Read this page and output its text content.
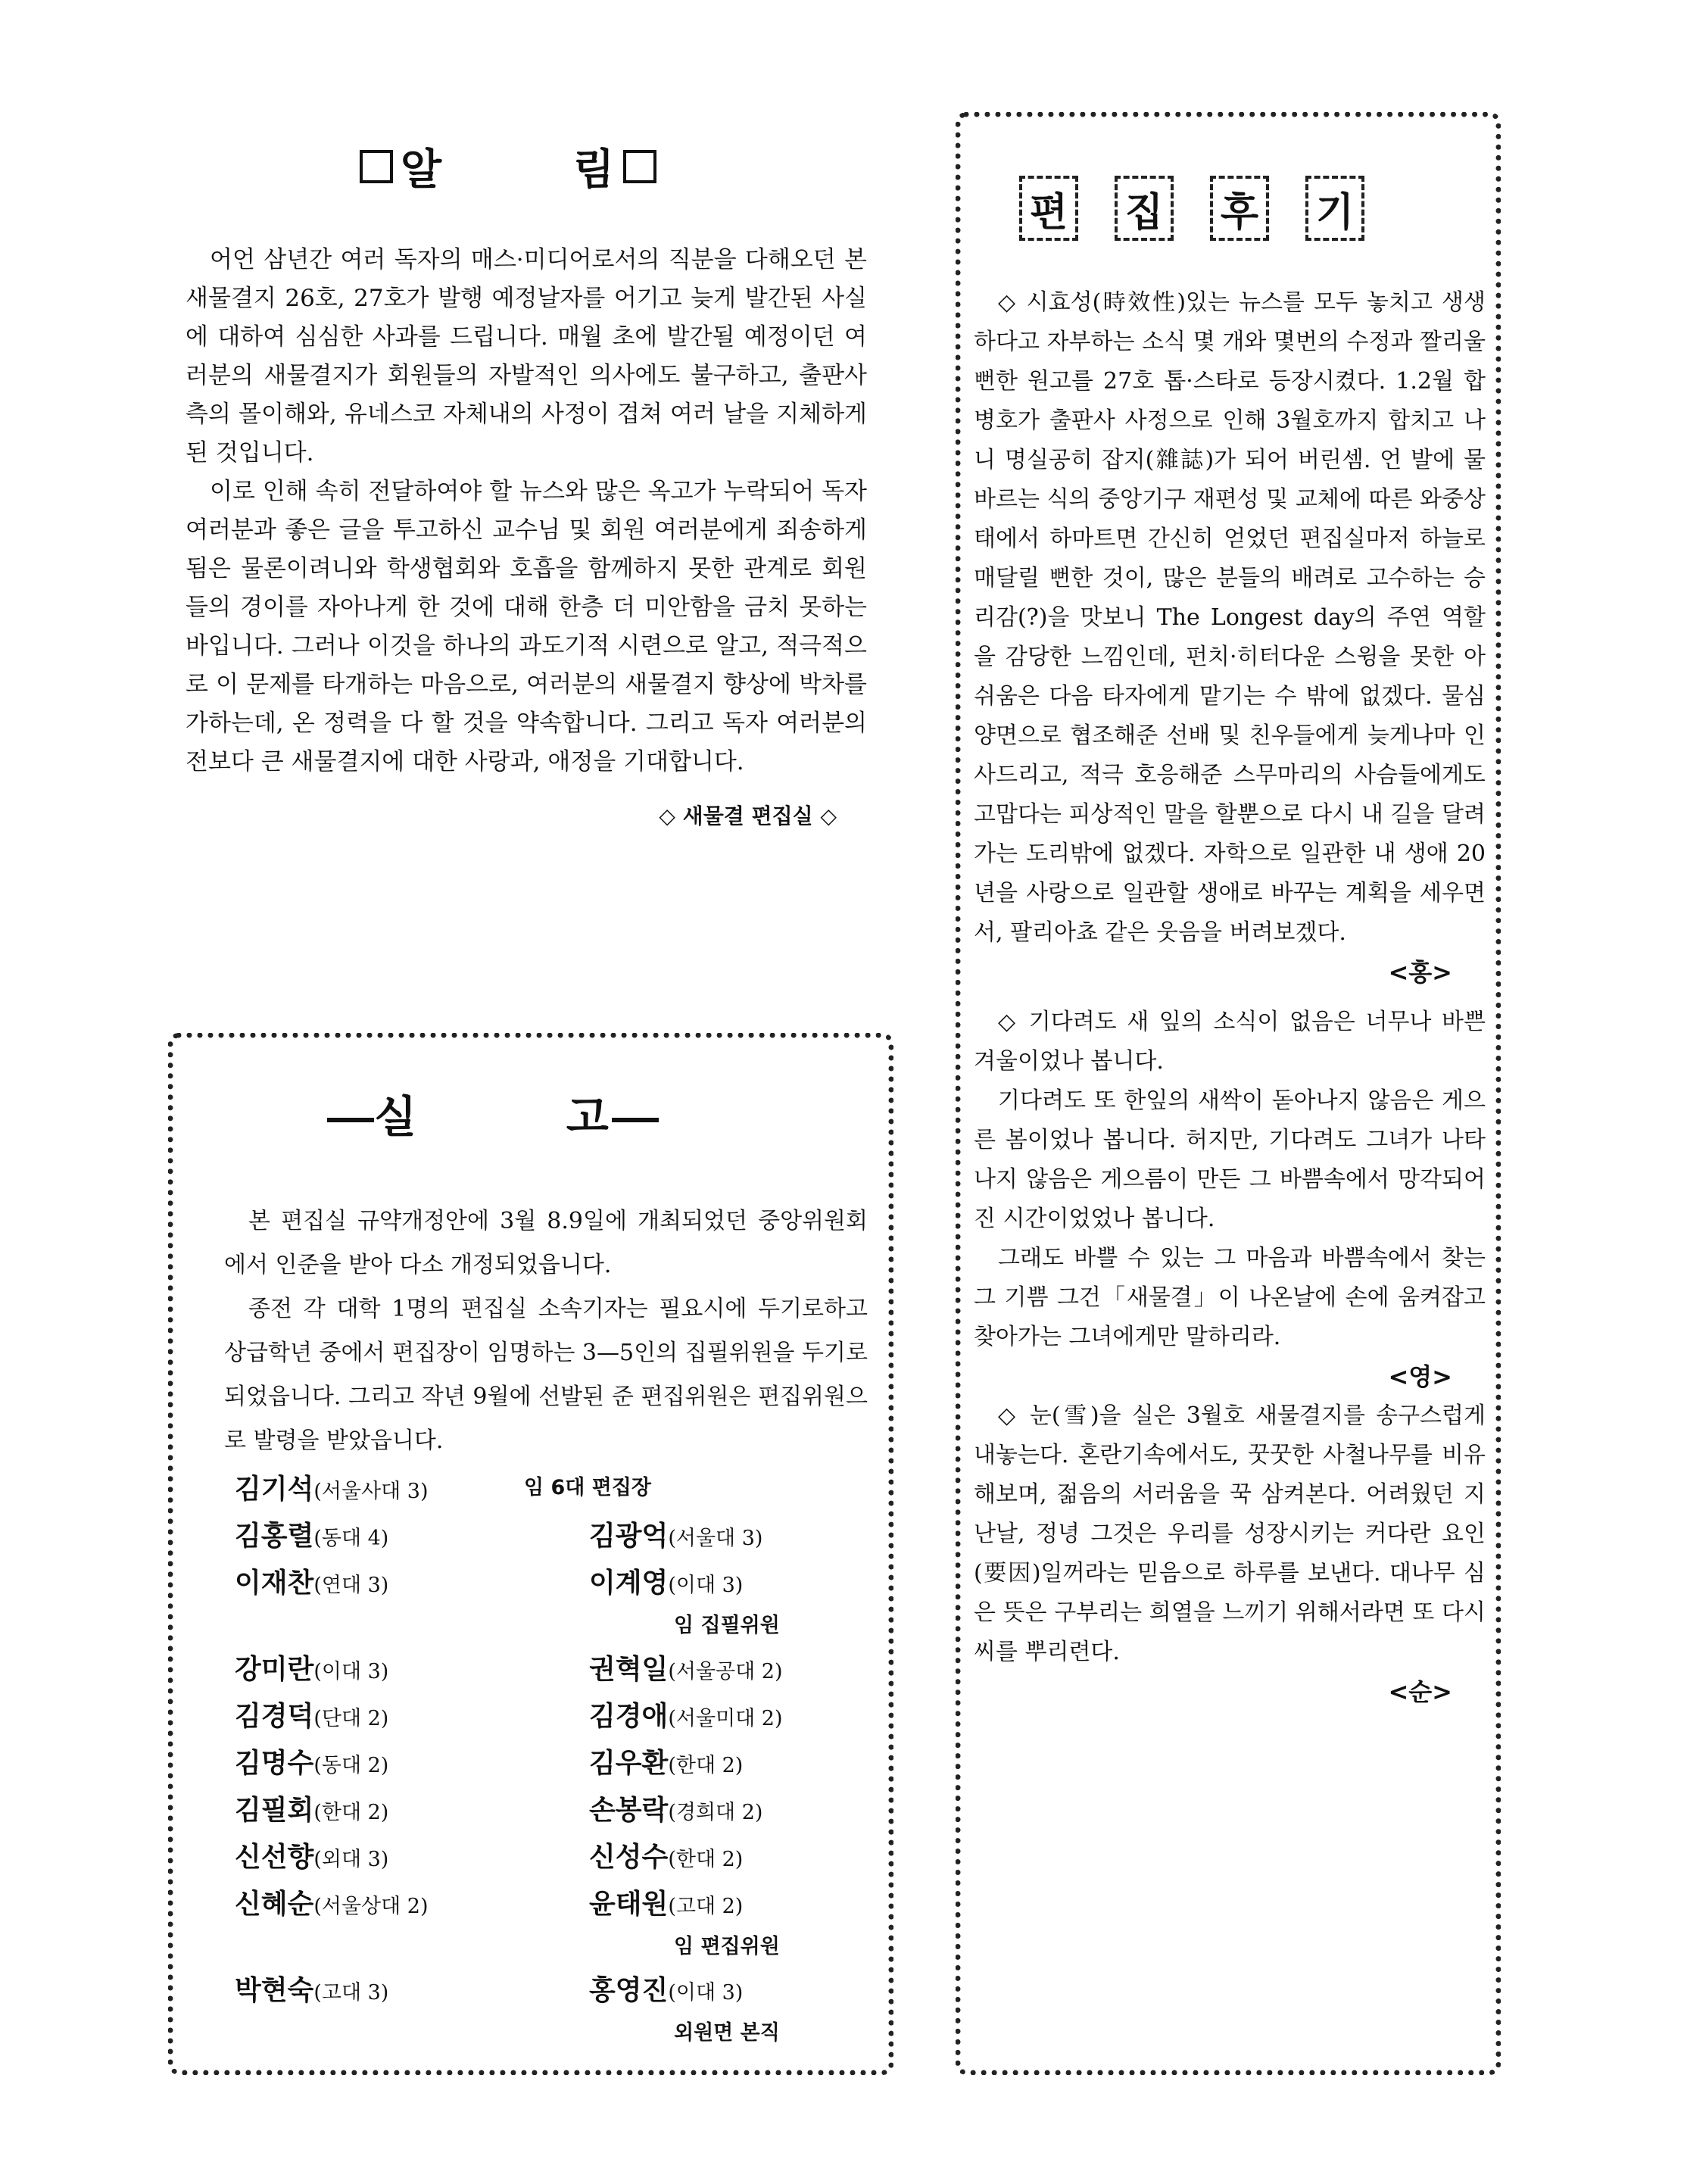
알        림

어언 삼년간 여러 독자의 매스·미디어로서의 직분을 다해오던 본 새물결지 26호, 27호가 발행 예정날자를 어기고 늦게 발간된 사실에 대하여 심심한 사과를 드립니다. 매월 초에 발간될 예정이던 여러분의 새물결지가 회원들의 자발적인 의사에도 불구하고, 출판사측의 몰이해와, 유네스코 자체내의 사정이 겹쳐 여러 날을 지체하게 된 것입니다.

이로 인해 속히 전달하여야 할 뉴스와 많은 옥고가 누락되어 독자 여러분과 좋은 글을 투고하신 교수님 및 회원 여러분에게 죄송하게 됨은 물론이려니와 학생협회와 호흡을 함께하지 못한 관계로 회원들의 경이를 자아나게 한 것에 대해 한층 더 미안함을 금치 못하는 바입니다. 그러나 이것을 하나의 과도기적 시련으로 알고, 적극적으로 이 문제를 타개하는 마음으로, 여러분의 새물결지 향상에 박차를 가하는데, 온 정력을 다 할 것을 약속합니다. 그리고 독자 여러분의 전보다 큰 새물결지에 대한 사랑과, 애정을 기대합니다.

◇ 새물결 편집실 ◇
실        고

본 편집실 규약개정안에 3월 8.9일에 개최되었던 중앙위원회에서 인준을 받아 다소 개정되었읍니다.

종전 각 대학 1명의 편집실 소속기자는 필요시에 두기로하고 상급학년 중에서 편집장이 임명하는 3—5인의 집필위원을 두기로 되었읍니다. 그리고 작년 9월에 선발된 준 편집위원은 편집위원으로 발령을 받았읍니다.

김기석(서울사대 3)	임 6대 편집장
김홍렬(동대 4)	김광억(서울대 3)
이재찬(연대 3)	이계영(이대 3)
임 집필위원
강미란(이대 3)	권혁일(서울공대 2)
김경덕(단대 2)	김경애(서울미대 2)
김명수(동대 2)	김우환(한대 2)
김필회(한대 2)	손봉락(경희대 2)
신선향(외대 3)	신성수(한대 2)
신혜순(서울상대 2)	윤태원(고대 2)
임 편집위원
박현숙(고대 3)	홍영진(이대 3)
외원면 본직
편 집 후 기

◇ 시효성(時效性)있는 뉴스를 모두 놓치고 생생하다고 자부하는 소식 몇 개와 몇번의 수정과 짤리울 뻔한 원고를 27호 톱·스타로 등장시켰다. 1.2월 합병호가 출판사 사정으로 인해 3월호까지 합치고 나니 명실공히 잡지(雜誌)가 되어 버린셈. 언 발에 물바르는 식의 중앙기구 재편성 및 교체에 따른 와중상태에서 하마트면 간신히 얻었던 편집실마저 하늘로 매달릴 뻔한 것이, 많은 분들의 배려로 고수하는 승리감(?)을 맛보니 The Longest day의 주연 역할을 감당한 느낌인데, 펀치·히터다운 스윙을 못한 아쉬움은 다음 타자에게 맡기는 수 밖에 없겠다. 물심양면으로 협조해준 선배 및 친우들에게 늦게나마 인사드리고, 적극 호응해준 스무마리의 사슴들에게도 고맙다는 피상적인 말을 할뿐으로 다시 내 길을 달려가는 도리밖에 없겠다. 자학으로 일관한 내 생애 20년을 사랑으로 일관할 생애로 바꾸는 계획을 세우면서, 팔리아쵸 같은 웃음을 버려보겠다.

<홍>

◇ 기다려도 새 잎의 소식이 없음은 너무나 바쁜 겨울이었나 봅니다.

기다려도 또 한잎의 새싹이 돋아나지 않음은 게으른 봄이었나 봅니다. 허지만, 기다려도 그녀가 나타나지 않음은 게으름이 만든 그 바쁨속에서 망각되어진 시간이었었나 봅니다.

그래도 바쁠 수 있는 그 마음과 바쁨속에서 찾는 그 기쁨 그건「새물결」이 나온날에 손에 움켜잡고 찾아가는 그녀에게만 말하리라.

<영>

◇ 눈(雪)을 실은 3월호 새물결지를 송구스럽게 내놓는다. 혼란기속에서도, 꿋꿋한 사철나무를 비유해보며, 젊음의 서러움을 꾹 삼켜본다. 어려웠던 지난날, 정녕 그것은 우리를 성장시키는 커다란 요인(要因)일꺼라는 믿음으로 하루를 보낸다. 대나무 심은 뜻은 구부리는 희열을 느끼기 위해서라면 또 다시 씨를 뿌리련다.

<순>
